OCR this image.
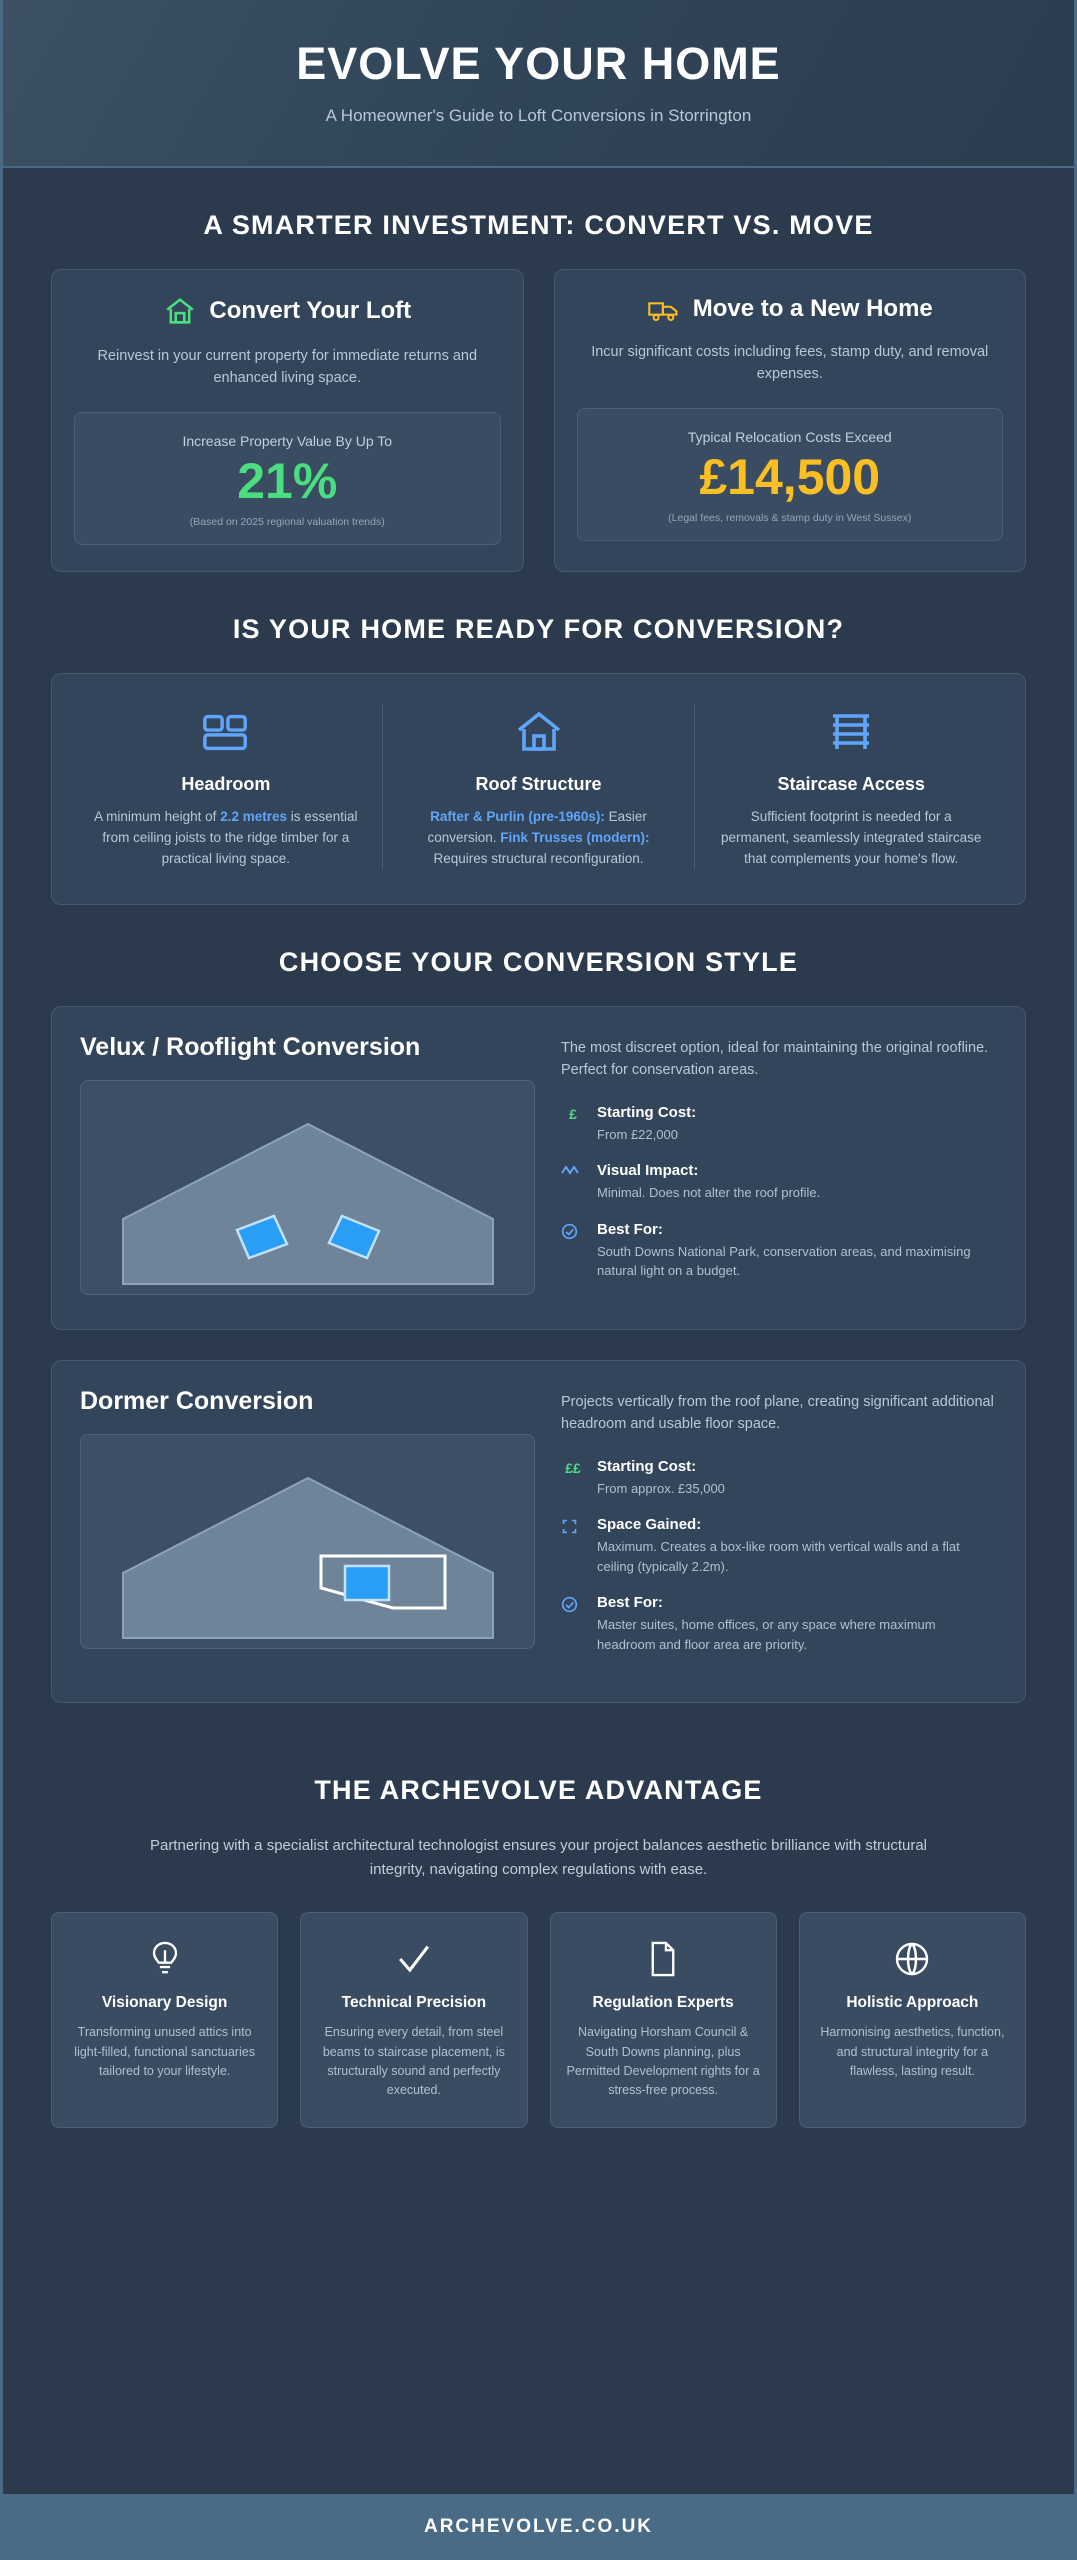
EVOLVE YOUR HOME
A Homeowner's Guide to Loft Conversions in Storrington
A SMARTER INVESTMENT: CONVERT VS. MOVE
Convert Your Loft
Reinvest in your current property for immediate returns and enhanced living space.
Increase Property Value By Up To
21%
(Based on 2025 regional valuation trends)
Move to a New Home
Incur significant costs including fees, stamp duty, and removal expenses.
Typical Relocation Costs Exceed
£14,500
(Legal fees, removals & stamp duty in West Sussex)
IS YOUR HOME READY FOR CONVERSION?
Headroom
A minimum height of 2.2 metres is essential from ceiling joists to the ridge timber for a practical living space.
Roof Structure
Rafter & Purlin (pre-1960s): Easier conversion. Fink Trusses (modern): Requires structural reconfiguration.
Staircase Access
Sufficient footprint is needed for a permanent, seamlessly integrated staircase that complements your home's flow.
CHOOSE YOUR CONVERSION STYLE
Velux / Rooflight Conversion	The most discreet option, ideal for maintaining the original roofline. Perfect for conservation areas.
£	Starting Cost:
From £22,000
Visual Impact:
Minimal. Does not alter the roof profile.
Best For:
South Downs National Park, conservation areas, and maximising natural light on a budget.
Dormer Conversion	Projects vertically from the roof plane, creating significant additional headroom and usable floor space.
££ Starting Cost:
From approx. £35,000
Space Gained:
Maximum. Creates a box-like room with vertical walls and a flat ceiling (typically 2.2m).
Best For:
Master suites, home offices, or any space where maximum headroom and floor area are priority.
THE ARCHEVOLVE ADVANTAGE
Partnering with a specialist architectural technologist ensures your project balances aesthetic brilliance with structural integrity, navigating complex regulations with ease.
Visionary Design
Transforming unused attics into light-filled, functional sanctuaries tailored to your lifestyle.
Technical Precision
Ensuring every detail, from steel beams to staircase placement, is structurally sound and perfectly executed.
Regulation Experts
Navigating Horsham Council & South Downs planning, plus Permitted Development rights for a stress-free process.
Holistic Approach
Harmonising aesthetics, function, and structural integrity for a flawless, lasting result.
ARCHEVOLVE.CO.UK
